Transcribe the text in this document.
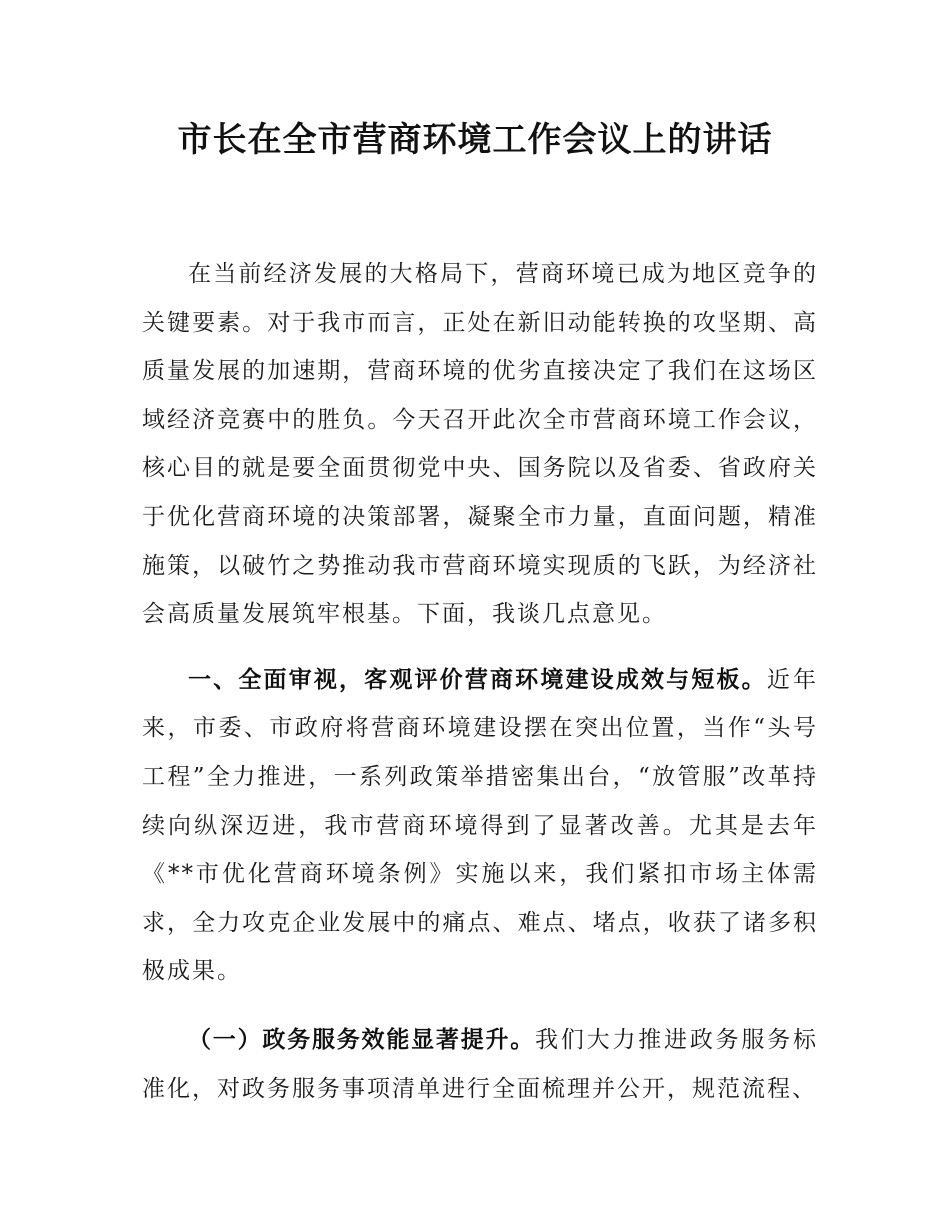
市长在全市营商环境工作会议上的讲话

在当前经济发展的大格局下，营商环境已成为地区竞争的关键要素。对于我市而言，正处在新旧动能转换的攻坚期、高质量发展的加速期，营商环境的优劣直接决定了我们在这场区域经济竞赛中的胜负。今天召开此次全市营商环境工作会议，核心目的就是要全面贯彻党中央、国务院以及省委、省政府关于优化营商环境的决策部署，凝聚全市力量，直面问题，精准施策，以破竹之势推动我市营商环境实现质的飞跃，为经济社会高质量发展筑牢根基。下面，我谈几点意见。

一、全面审视，客观评价营商环境建设成效与短板。近年来，市委、市政府将营商环境建设摆在突出位置，当作“头号工程”全力推进，一系列政策举措密集出台，“放管服”改革持续向纵深迈进，我市营商环境得到了显著改善。尤其是去年《**市优化营商环境条例》实施以来，我们紧扣市场主体需求，全力攻克企业发展中的痛点、难点、堵点，收获了诸多积极成果。

（一）政务服务效能显著提升。我们大力推进政务服务标准化，对政务服务事项清单进行全面梳理并公开，规范流程、
